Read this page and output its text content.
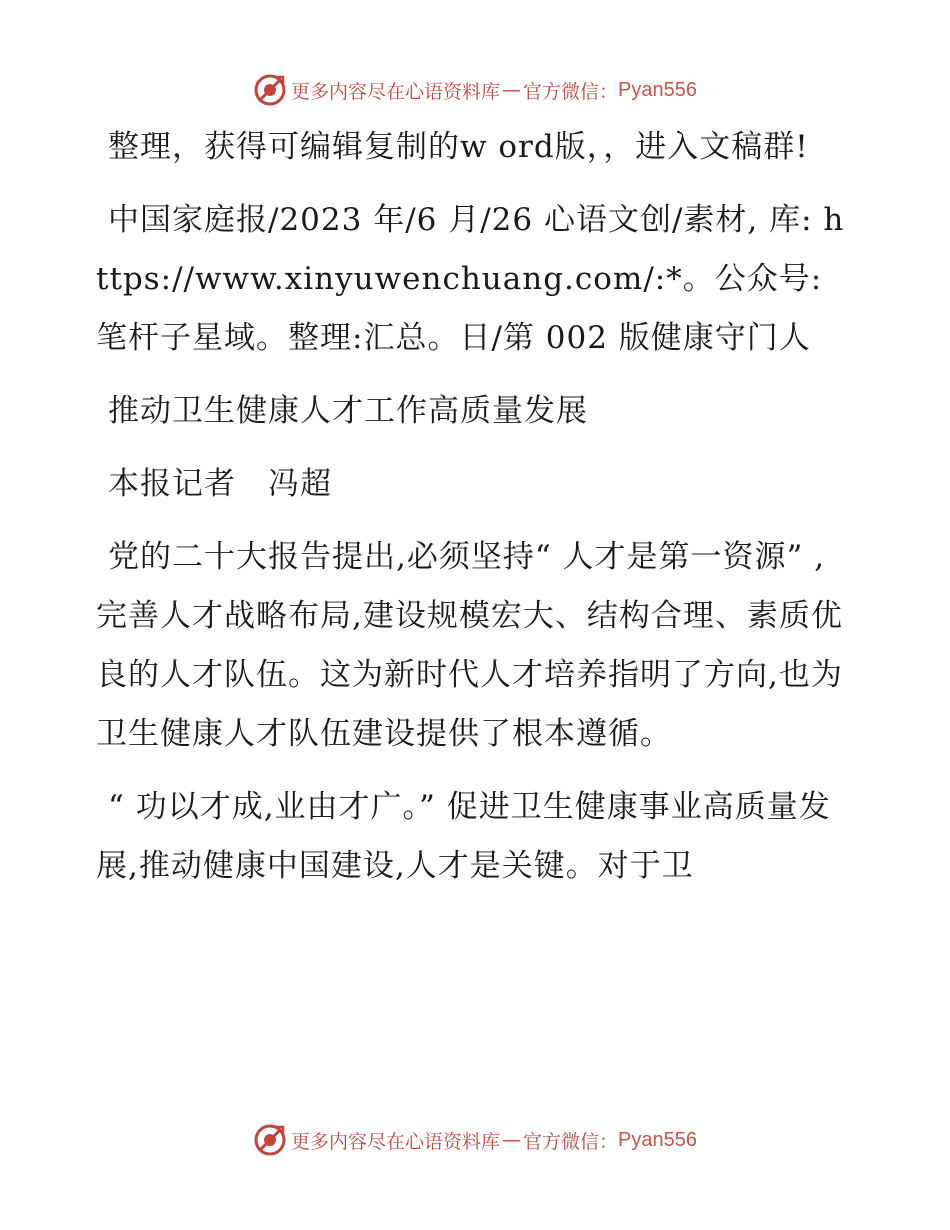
更多内容尽在心语资料库 — 官方微信： Pyan556

整理，获得可编辑复制的w ord版，，进入文稿群!

中国家庭报/2023 年/6 月/26 心语文创/素材, 库: https://www.xinyuwenchuang.com/:*。公众号: 笔杆子星域。整理:汇总。日/第 002 版健康守门人

推动卫生健康人才工作高质量发展

本报记者　冯超

党的二十大报告提出,必须坚持“ 人才是第一资源” ,完善人才战略布局,建设规模宏大、结构合理、素质优良的人才队伍。这为新时代人才培养指明了方向,也为卫生健康人才队伍建设提供了根本遵循。

“ 功以才成,业由才广。” 促进卫生健康事业高质量发展,推动健康中国建设,人才是关键。对于卫

更多内容尽在心语资料库 — 官方微信： Pyan556
